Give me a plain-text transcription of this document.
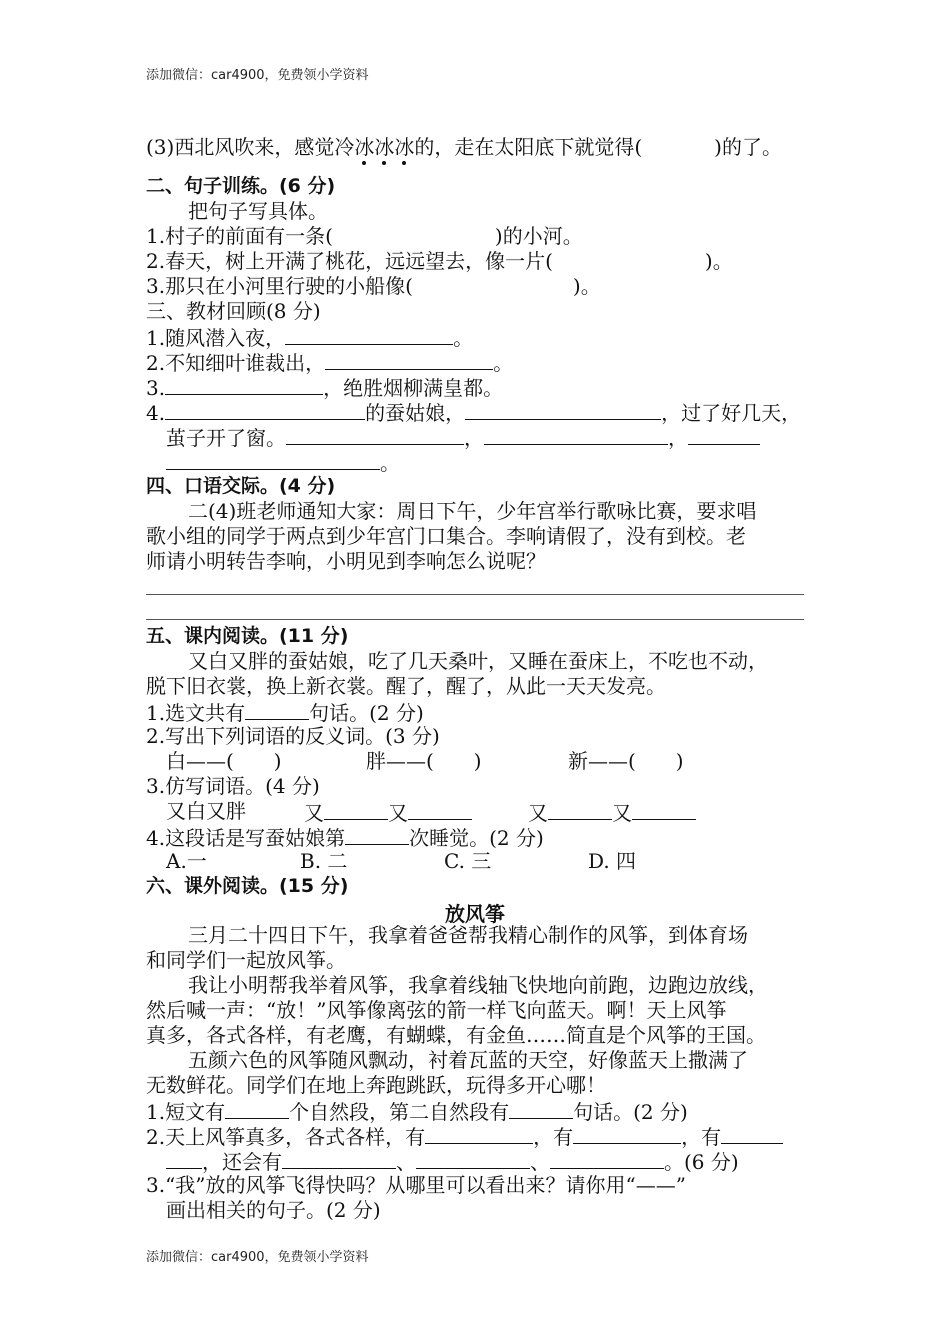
添加微信：car4900，免费领小学资料
(3)西北风吹来，感觉冷冰冰冰的，走在太阳底下就觉得(	)的了。
二、句子训练。(6 分)
把句子写具体。
1.村子的前面有一条(	)的小河。
2.春天，树上开满了桃花，远远望去，像一片(	)。
3.那只在小河里行驶的小船像(	)。
三、教材回顾(8 分)
1.随风潜入夜，	。
2.不知细叶谁裁出，	。
3.	，绝胜烟柳满皇都。
4.	的蚕姑娘，	，过了好几天，
茧子开了窗。	，	，
。
四、口语交际。(4 分)
二(4)班老师通知大家：周日下午，少年宫举行歌咏比赛，要求唱
歌小组的同学于两点到少年宫门口集合。李响请假了，没有到校。老
师请小明转告李响，小明见到李响怎么说呢？
五、课内阅读。(11 分)
又白又胖的蚕姑娘，吃了几天桑叶，又睡在蚕床上，不吃也不动，
脱下旧衣裳，换上新衣裳。醒了，醒了，从此一天天发亮。
1.选文共有	句话。(2 分)
2.写出下列词语的反义词。(3 分)
白——(　　)	胖——(　　)	新——(　　)
3.仿写词语。(4 分)
又白又胖	又	又	又	又
4.这段话是写蚕姑娘第	次睡觉。(2 分)
A.一	B. 二	C. 三	D. 四
六、课外阅读。(15 分)
放风筝
三月二十四日下午，我拿着爸爸帮我精心制作的风筝，到体育场
和同学们一起放风筝。
我让小明帮我举着风筝，我拿着线轴飞快地向前跑，边跑边放线，
然后喊一声：“放！”风筝像离弦的箭一样飞向蓝天。啊！天上风筝
真多，各式各样，有老鹰，有蝴蝶，有金鱼……简直是个风筝的王国。
五颜六色的风筝随风飘动，衬着瓦蓝的天空，好像蓝天上撒满了
无数鲜花。同学们在地上奔跑跳跃，玩得多开心哪！
1.短文有	个自然段，第二自然段有	句话。(2 分)
2.天上风筝真多，各式各样，有	，有	，有
，还会有	、	、	。(6 分)
3.“我”放的风筝飞得快吗？从哪里可以看出来？请你用“——”
画出相关的句子。(2 分)
添加微信：car4900，免费领小学资料
